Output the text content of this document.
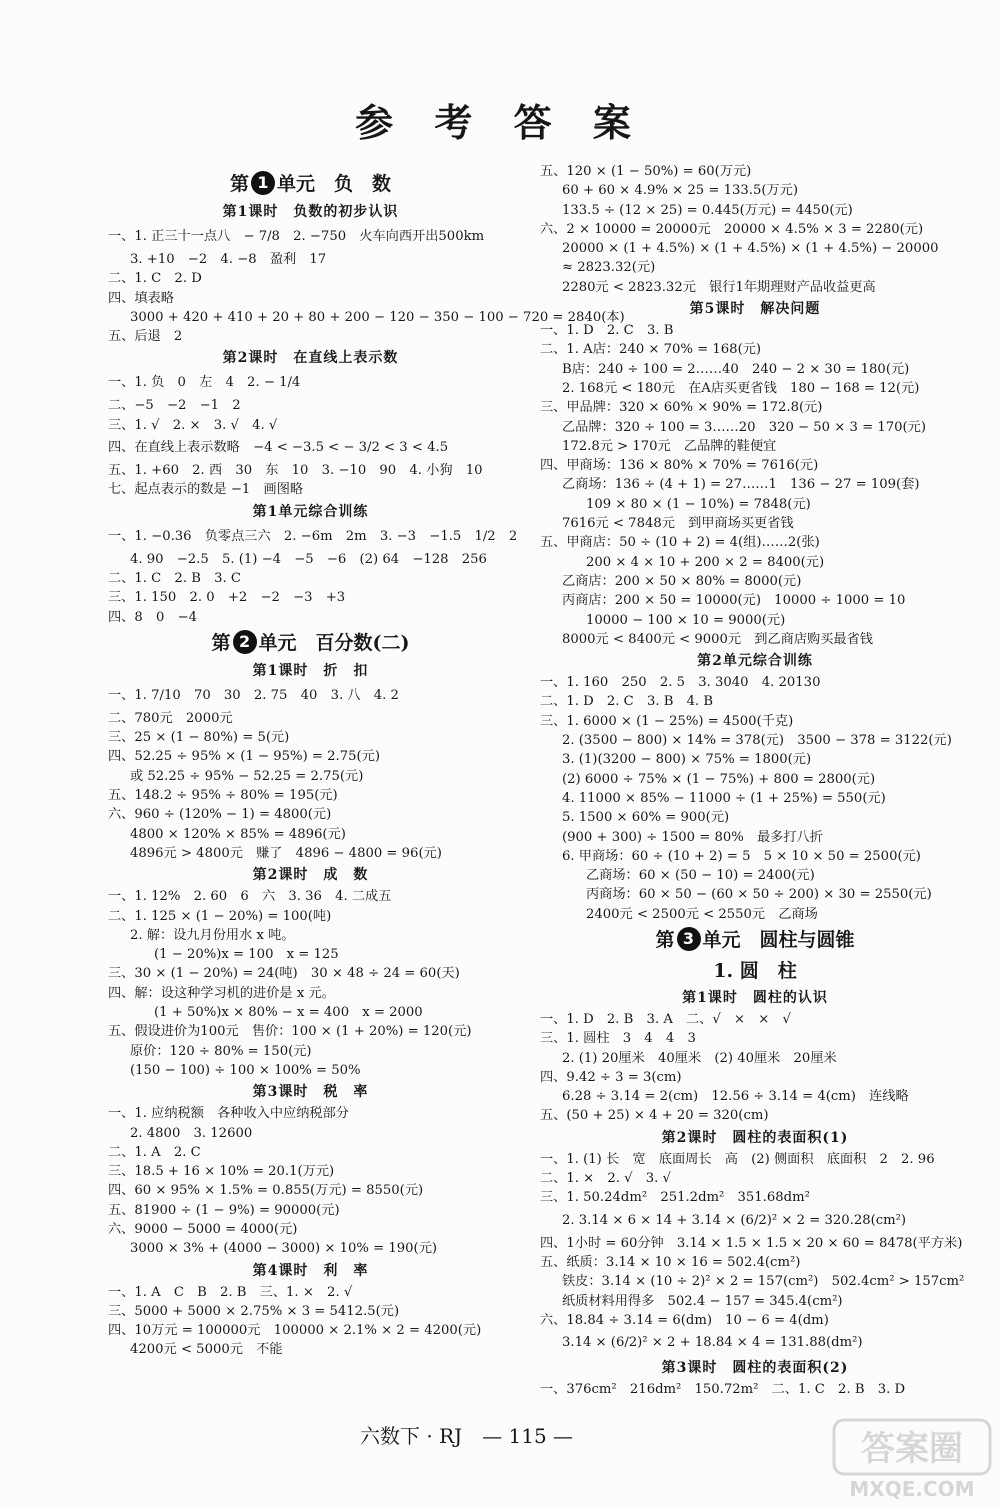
参 考 答 案
第 1 单元　负　数
第1课时　负数的初步认识
一、1. 正三十一点八　− 7/8　2. −750　火车向西开出500km
3. +10　−2　4. −8　盈利　17
二、1. C　2. D
四、填表略
3000 + 420 + 410 + 20 + 80 + 200 − 120 − 350 − 100 − 720 = 2840(本)
五、后退　2
第2课时　在直线上表示数
一、1. 负　0　左　4　2. − 1/4
二、−5　−2　−1　2
三、1. √　2. ×　3. √　4. √
四、在直线上表示数略　−4 < −3.5 < − 3/2 < 3 < 4.5
五、1. +60　2. 西　30　东　10　3. −10　90　4. 小狗　10
七、起点表示的数是 −1　画图略
第1单元综合训练
一、1. −0.36　负零点三六　2. −6m　2m　3. −3　−1.5　1/2　2
4. 90　−2.5　5. (1) −4　−5　−6　(2) 64　−128　256
二、1. C　2. B　3. C
三、1. 150　2. 0　+2　−2　−3　+3
四、8　0　−4
第 2 单元　百分数(二)
第1课时　折　扣
一、1. 7/10　70　30　2. 75　40　3. 八　4. 2
二、780元　2000元
三、25 × (1 − 80%) = 5(元)
四、52.25 ÷ 95% × (1 − 95%) = 2.75(元)
或 52.25 ÷ 95% − 52.25 = 2.75(元)
五、148.2 ÷ 95% ÷ 80% = 195(元)
六、960 ÷ (120% − 1) = 4800(元)
4800 × 120% × 85% = 4896(元)
4896元 > 4800元　赚了　4896 − 4800 = 96(元)
第2课时　成　数
一、1. 12%　2. 60　6　六　3. 36　4. 二成五
二、1. 125 × (1 − 20%) = 100(吨)
2. 解：设九月份用水 x 吨。
(1 − 20%)x = 100　x = 125
三、30 × (1 − 20%) = 24(吨)　30 × 48 ÷ 24 = 60(天)
四、解：设这种学习机的进价是 x 元。
(1 + 50%)x × 80% − x = 400　x = 2000
五、假设进价为100元　售价：100 × (1 + 20%) = 120(元)
原价：120 ÷ 80% = 150(元)
(150 − 100) ÷ 100 × 100% = 50%
第3课时　税　率
一、1. 应纳税额　各种收入中应纳税部分
2. 4800　3. 12600
二、1. A　2. C
三、18.5 + 16 × 10% = 20.1(万元)
四、60 × 95% × 1.5% = 0.855(万元) = 8550(元)
五、81900 ÷ (1 − 9%) = 90000(元)
六、9000 − 5000 = 4000(元)
3000 × 3% + (4000 − 3000) × 10% = 190(元)
第4课时　利　率
一、1. A　C　B　2. B　三、1. ×　2. √
三、5000 + 5000 × 2.75% × 3 = 5412.5(元)
四、10万元 = 100000元　100000 × 2.1% × 2 = 4200(元)
4200元 < 5000元　不能
五、120 × (1 − 50%) = 60(万元)
60 + 60 × 4.9% × 25 = 133.5(万元)
133.5 ÷ (12 × 25) = 0.445(万元) = 4450(元)
六、2 × 10000 = 20000元　20000 × 4.5% × 3 = 2280(元)
20000 × (1 + 4.5%) × (1 + 4.5%) × (1 + 4.5%) − 20000
≈ 2823.32(元)
2280元 < 2823.32元　银行1年期理财产品收益更高
第5课时　解决问题
一、1. D　2. C　3. B
二、1. A店：240 × 70% = 168(元)
B店：240 ÷ 100 = 2……40　240 − 2 × 30 = 180(元)
2. 168元 < 180元　在A店买更省钱　180 − 168 = 12(元)
三、甲品牌：320 × 60% × 90% = 172.8(元)
乙品牌：320 ÷ 100 = 3……20　320 − 50 × 3 = 170(元)
172.8元 > 170元　乙品牌的鞋便宜
四、甲商场：136 × 80% × 70% = 7616(元)
乙商场：136 ÷ (4 + 1) = 27……1　136 − 27 = 109(套)
109 × 80 × (1 − 10%) = 7848(元)
7616元 < 7848元　到甲商场买更省钱
五、甲商店：50 ÷ (10 + 2) = 4(组)……2(张)
200 × 4 × 10 + 200 × 2 = 8400(元)
乙商店：200 × 50 × 80% = 8000(元)
丙商店：200 × 50 = 10000(元)　10000 ÷ 1000 = 10
10000 − 100 × 10 = 9000(元)
8000元 < 8400元 < 9000元　到乙商店购买最省钱
第2单元综合训练
一、1. 160　250　2. 5　3. 3040　4. 20130
二、1. D　2. C　3. B　4. B
三、1. 6000 × (1 − 25%) = 4500(千克)
2. (3500 − 800) × 14% = 378(元)　3500 − 378 = 3122(元)
3. (1)(3200 − 800) × 75% = 1800(元)
(2) 6000 ÷ 75% × (1 − 75%) + 800 = 2800(元)
4. 11000 × 85% − 11000 ÷ (1 + 25%) = 550(元)
5. 1500 × 60% = 900(元)
(900 + 300) ÷ 1500 = 80%　最多打八折
6. 甲商场：60 ÷ (10 + 2) = 5　5 × 10 × 50 = 2500(元)
乙商场：60 × (50 − 10) = 2400(元)
丙商场：60 × 50 − (60 × 50 ÷ 200) × 30 = 2550(元)
2400元 < 2500元 < 2550元　乙商场
第 3 单元　圆柱与圆锥
1. 圆　柱
第1课时　圆柱的认识
一、1. D　2. B　3. A　二、√　×　×　√
三、1. 圆柱　3　4　4　3
2. (1) 20厘米　40厘米　(2) 40厘米　20厘米
四、9.42 ÷ 3 = 3(cm)
6.28 ÷ 3.14 = 2(cm)　12.56 ÷ 3.14 = 4(cm)　连线略
五、(50 + 25) × 4 + 20 = 320(cm)
第2课时　圆柱的表面积(1)
一、1. (1) 长　宽　底面周长　高　(2) 侧面积　底面积　2　2. 96
二、1. ×　2. √　3. √
三、1. 50.24dm²　251.2dm²　351.68dm²
2. 3.14 × 6 × 14 + 3.14 × (6/2)² × 2 = 320.28(cm²)
四、1小时 = 60分钟　3.14 × 1.5 × 1.5 × 20 × 60 = 8478(平方米)
五、纸质：3.14 × 10 × 16 = 502.4(cm²)
铁皮：3.14 × (10 ÷ 2)² × 2 = 157(cm²)　502.4cm² > 157cm²
纸质材料用得多　502.4 − 157 = 345.4(cm²)
六、18.84 ÷ 3.14 = 6(dm)　10 − 6 = 4(dm)
3.14 × (6/2)² × 2 + 18.84 × 4 = 131.88(dm²)
第3课时　圆柱的表面积(2)
一、376cm²　216dm²　150.72m²　二、1. C　2. B　3. D
六数下 · RJ　— 115 —	答案圈
MXQE.COM
